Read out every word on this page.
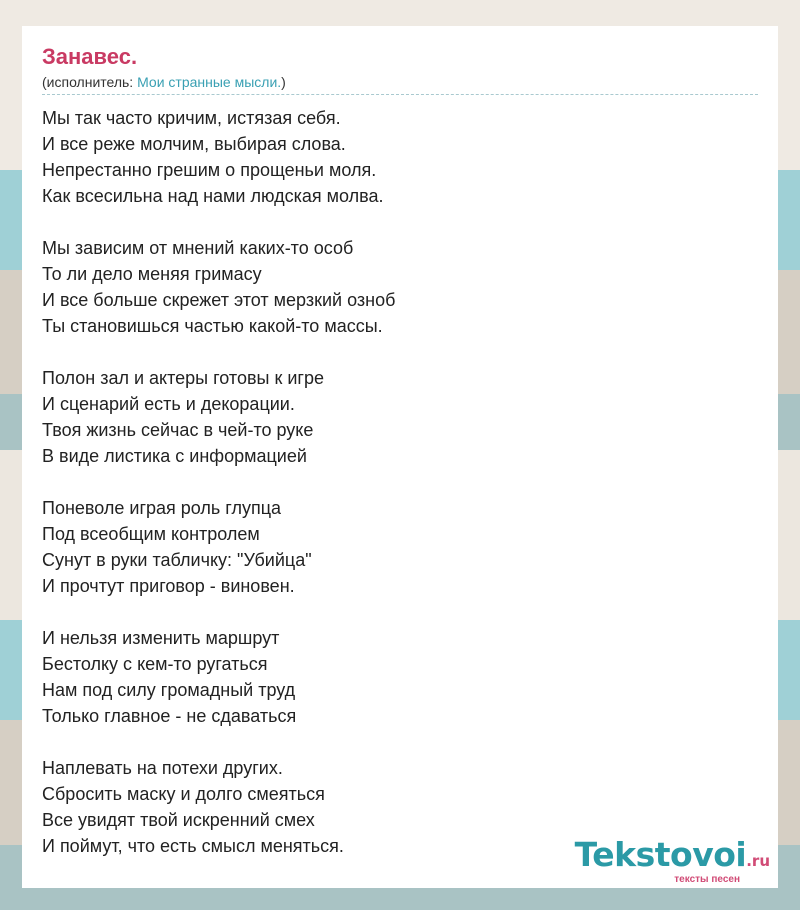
Занавес.
(исполнитель: Мои странные мысли.)
Мы так часто кричим, истязая себя.
И все реже молчим, выбирая слова.
Непрестанно грешим о прощеньи моля.
Как всесильна над нами людская молва.
Мы зависим от мнений каких-то особ
То ли дело меняя гримасу
И все больше скрежет этот мерзкий озноб
Ты становишься частью какой-то массы.
Полон зал и актеры готовы к игре
И сценарий есть и декорации.
Твоя жизнь сейчас в чей-то руке
В виде листика с информацией
Поневоле играя роль глупца
Под всеобщим контролем
Сунут в руки табличку: "Убийца"
И прочтут приговор - виновен.
И нельзя изменить маршрут
Бестолку с кем-то ругаться
Нам под силу громадный труд
Только главное - не сдаваться
Наплевать на потехи других.
Сбросить маску и долго смеяться
Все увидят твой искренний смех
И поймут, что есть смысл меняться.	Tekstovoi.ru
тексты песен
